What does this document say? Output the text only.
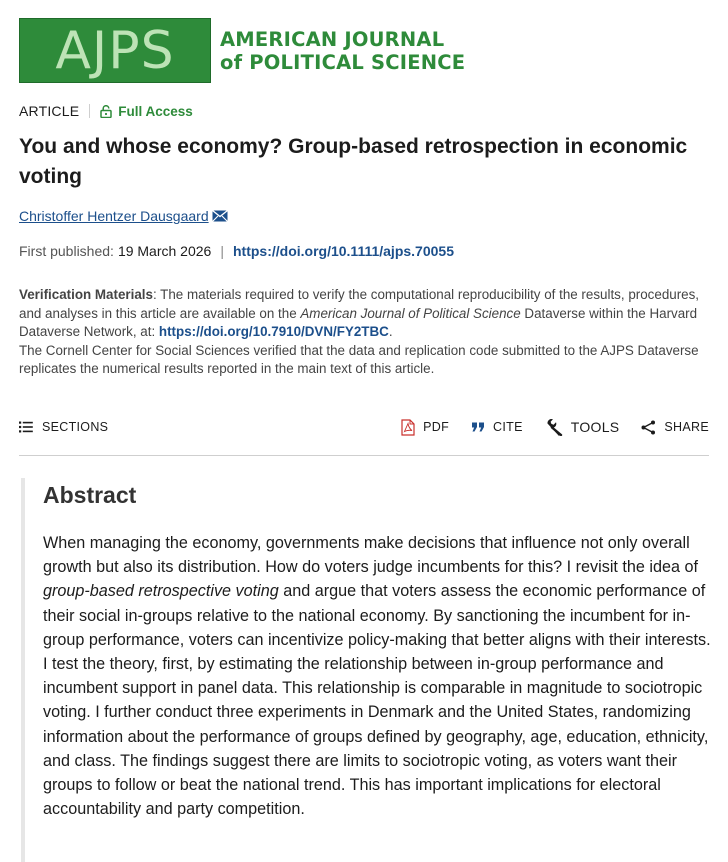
AJPS AMERICAN JOURNAL
of POLITICAL SCIENCE
ARTICLE	Full Access
You and whose economy? Group-based retrospection in economic voting
Christoffer Hentzer Dausgaard
First published: 19 March 2026 | https://doi.org/10.1111/ajps.70055
Verification Materials: The materials required to verify the computational reproducibility of the results, procedures, and analyses in this article are available on the American Journal of Political Science Dataverse within the Harvard Dataverse Network, at: https://doi.org/10.7910/DVN/FY2TBC.
The Cornell Center for Social Sciences verified that the data and replication code submitted to the AJPS Dataverse replicates the numerical results reported in the main text of this article.
SECTIONS	PDF	CITE	TOOLS	SHARE
Abstract

When managing the economy, governments make decisions that influence not only overall growth but also its distribution. How do voters judge incumbents for this? I revisit the idea of group-based retrospective voting and argue that voters assess the economic performance of their social in-groups relative to the national economy. By sanctioning the incumbent for in-group performance, voters can incentivize policy-making that better aligns with their interests. I test the theory, first, by estimating the relationship between in-group performance and incumbent support in panel data. This relationship is comparable in magnitude to sociotropic voting. I further conduct three experiments in Denmark and the United States, randomizing information about the performance of groups defined by geography, age, education, ethnicity, and class. The findings suggest there are limits to sociotropic voting, as voters want their groups to follow or beat the national trend. This has important implications for electoral accountability and party competition.
